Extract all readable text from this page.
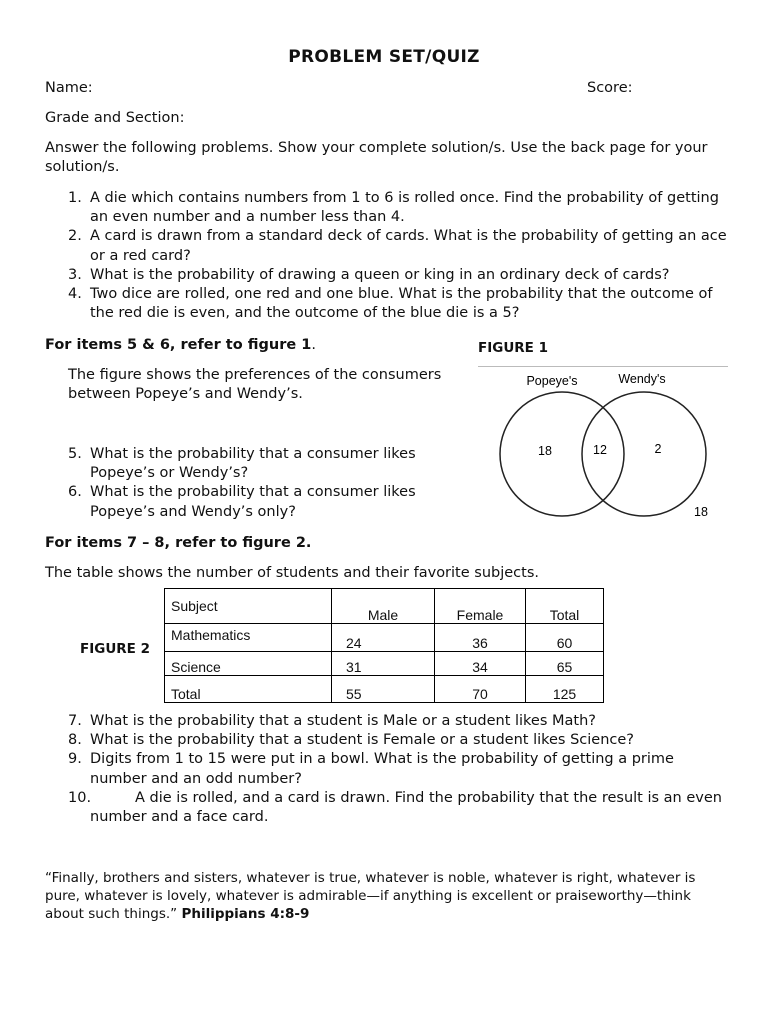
PROBLEM SET/QUIZ
Name:	Score:
Grade and Section:
Answer the following problems. Show your complete solution/s. Use the back page for your solution/s.
1. A die which contains numbers from 1 to 6 is rolled once. Find the probability of getting an even number and a number less than 4.
2. A card is drawn from a standard deck of cards. What is the probability of getting an ace or a red card?
3. What is the probability of drawing a queen or king in an ordinary deck of cards?
4. Two dice are rolled, one red and one blue. What is the probability that the outcome of the red die is even, and the outcome of the blue die is a 5?
For items 5 & 6, refer to figure 1.	FIGURE 1
The figure shows the preferences of the consumers between Popeye’s and Wendy’s.
Popeye's	Wendy's
18	12	2
18
5. What is the probability that a consumer likes Popeye’s or Wendy’s?
6. What is the probability that a consumer likes Popeye’s and Wendy’s only?
For items 7 – 8, refer to figure 2.
The table shows the number of students and their favorite subjects.
FIGURE 2
Subject	Male	Female	Total
Mathematics	24	36	60
Science	31	34	65
Total	55	70	125
7. What is the probability that a student is Male or a student likes Math?
8. What is the probability that a student is Female or a student likes Science?
9. Digits from 1 to 15 were put in a bowl. What is the probability of getting a prime number and an odd number?
10.	A die is rolled, and a card is drawn. Find the probability that the result is an even number and a face card.
“Finally, brothers and sisters, whatever is true, whatever is noble, whatever is right, whatever is pure, whatever is lovely, whatever is admirable—if anything is excellent or praiseworthy—think about such things.” Philippians 4:8-9
